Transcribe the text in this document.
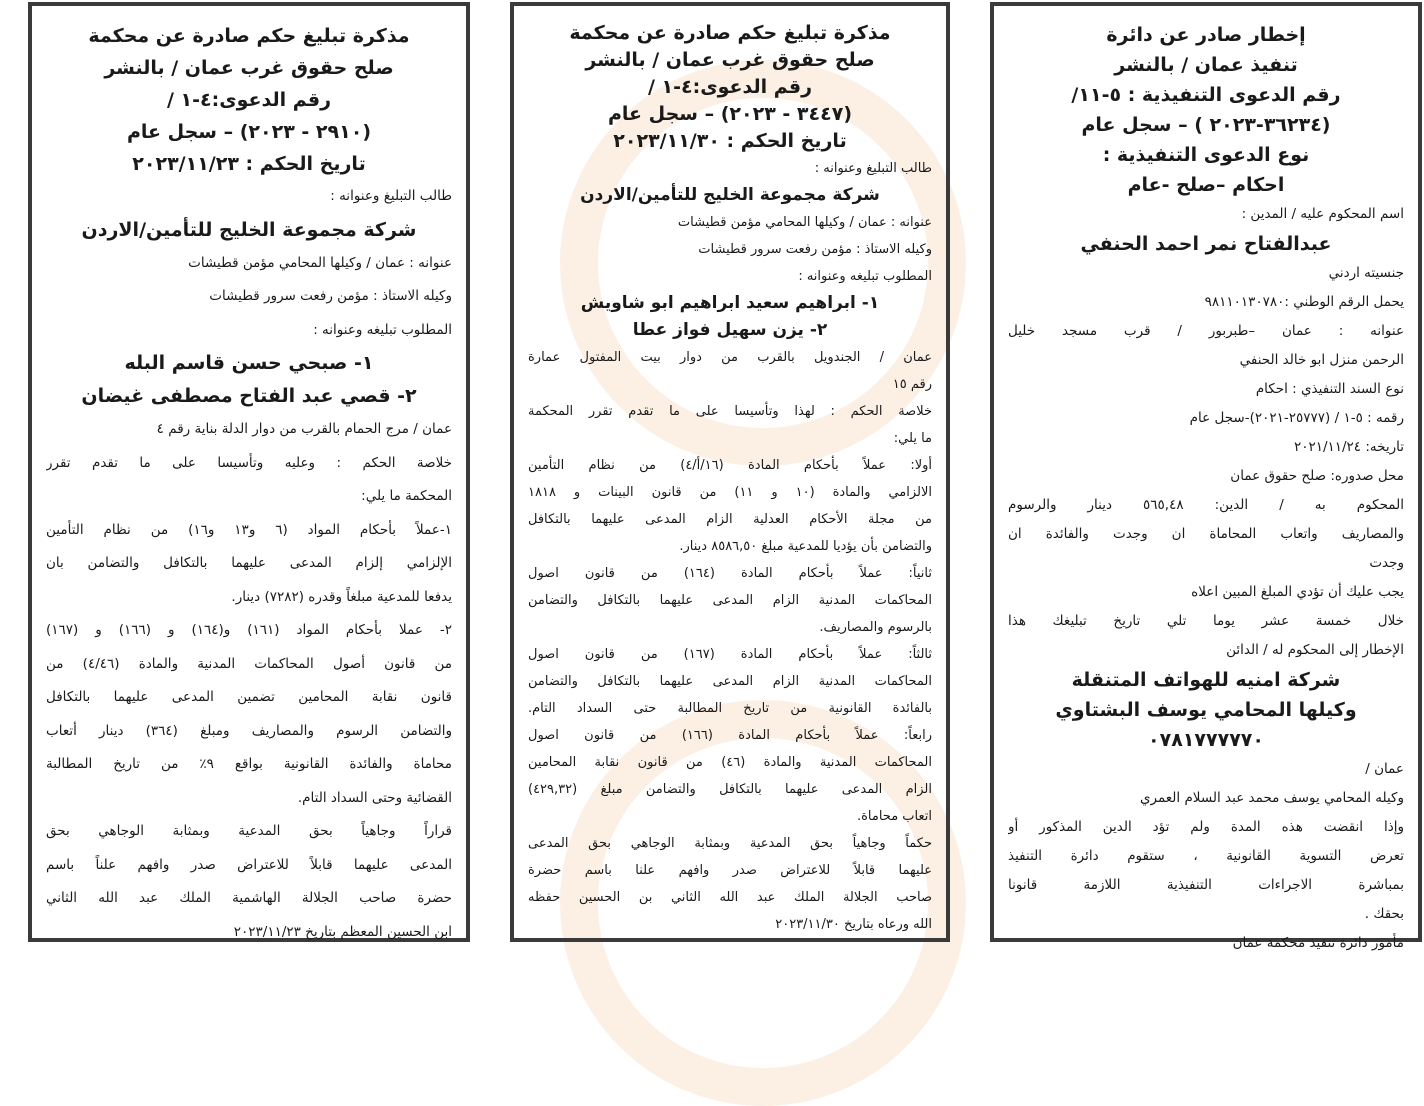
مذكرة تبليغ حكم صادرة عن محكمة
صلح حقوق غرب عمان / بالنشر
رقم الدعوى:٤-١ /
(٢٩١٠ - ٢٠٢٣) – سجل عام
تاريخ الحكم : ٢٠٢٣/١١/٢٣
طالب التبليغ وعنوانه :
شركة مجموعة الخليج للتأمين/الاردن
عنوانه : عمان / وكيلها المحامي مؤمن قطيشات
وكيله الاستاذ : مؤمن رفعت سرور قطيشات
المطلوب تبليغه وعنوانه :
١- صبحي حسن قاسم البله
٢- قصي عبد الفتاح مصطفى غيضان
عمان / مرج الحمام بالقرب من دوار الدلة بناية رقم ٤
خلاصة الحكم : وعليه وتأسيسا على ما تقدم تقرر
المحكمة ما يلي:
١-عملاً بأحكام المواد (٦ و١٣ و١٦) من نظام التأمين
الإلزامي إلزام المدعى عليهما بالتكافل والتضامن بان
يدفعا للمدعية مبلغاً وقدره (٧٢٨٢) دينار.
٢- عملا بأحكام المواد (١٦١) و(١٦٤) و (١٦٦) و (١٦٧)
من قانون أصول المحاكمات المدنية والمادة (٤/٤٦) من
قانون نقابة المحامين تضمين المدعى عليهما بالتكافل
والتضامن الرسوم والمصاريف ومبلغ (٣٦٤) دينار أتعاب
محاماة والفائدة القانونية بواقع ٩٪ من تاريخ المطالبة
القضائية وحتى السداد التام.
قراراً وجاهياً بحق المدعية وبمثابة الوجاهي بحق
المدعى عليهما قابلاً للاعتراض صدر وافهم علناً باسم
حضرة صاحب الجلالة الهاشمية الملك عبد الله الثاني
ابن الحسين المعظم بتاريخ ٢٠٢٣/١١/٢٣
مذكرة تبليغ حكم صادرة عن محكمة
صلح حقوق غرب عمان / بالنشر
رقم الدعوى:٤-١ /
(٣٤٤٧ - ٢٠٢٣) – سجل عام
تاريخ الحكم : ٢٠٢٣/١١/٣٠
طالب التبليغ وعنوانه :
شركة مجموعة الخليج للتأمين/الاردن
عنوانه : عمان / وكيلها المحامي مؤمن قطيشات
وكيله الاستاذ : مؤمن رفعت سرور قطيشات
المطلوب تبليغه وعنوانه :
١- ابراهيم سعيد ابراهيم ابو شاويش
٢- يزن سهيل فواز عطا
عمان / الجندويل بالقرب من دوار بيت المفتول عمارة
رقم ١٥
خلاصة الحكم : لهذا وتأسيسا على ما تقدم تقرر المحكمة
ما يلي:
أولا: عملاً بأحكام المادة (١٦/أ/٤) من نظام التأمين
الالزامي والمادة (١٠ و ١١) من قانون البينات و ١٨١٨
من مجلة الأحكام العدلية الزام المدعى عليهما بالتكافل
والتضامن بأن يؤديا للمدعية مبلغ ٨٥٨٦,٥٠ دينار.
ثانياً: عملاً بأحكام المادة (١٦٤) من قانون اصول
المحاكمات المدنية الزام المدعى عليهما بالتكافل والتضامن
بالرسوم والمصاريف.
ثالثاً: عملاً بأحكام المادة (١٦٧) من قانون اصول
المحاكمات المدنية الزام المدعى عليهما بالتكافل والتضامن
بالفائدة القانونية من تاريخ المطالبة حتى السداد التام.
رابعاً: عملاً بأحكام المادة (١٦٦) من قانون اصول
المحاكمات المدنية والمادة (٤٦) من قانون نقابة المحامين
الزام المدعى عليهما بالتكافل والتضامن مبلغ (٤٢٩,٣٢)
اتعاب محاماة.
حكماً وجاهياً بحق المدعية وبمثابة الوجاهي بحق المدعى
عليهما قابلاً للاعتراض صدر وافهم علنا باسم حضرة
صاحب الجلالة الملك عبد الله الثاني بن الحسين حفظه
الله ورعاه بتاريخ ٢٠٢٣/١١/٣٠
إخطار صادر عن دائرة
تنفيذ عمان / بالنشر
رقم الدعوى التنفيذية : ٥-١١/
(٣٦٢٣٤-٢٠٢٣ ) – سجل عام
نوع الدعوى التنفيذية :
احكام –صلح -عام
اسم المحكوم عليه / المدين :
عبدالفتاح نمر احمد الحنفي
جنسيته اردني
يحمل الرقم الوطني :٩٨١١٠١٣٠٧٨٠
عنوانه : عمان –طبربور / قرب مسجد خليل
الرحمن منزل ابو خالد الحنفي
نوع السند التنفيذي : احكام
رقمه : ٥-١ / (٢٥٧٧٧-٢٠٢١)-سجل عام
تاريخه: ٢٠٢١/١١/٢٤
محل صدوره: صلح حقوق عمان
المحكوم به / الدين: ٥٦٥,٤٨ دينار والرسوم
والمصاريف واتعاب المحاماة ان وجدت والفائدة ان
وجدت
يجب عليك أن تؤدي المبلغ المبين اعلاه
خلال خمسة عشر يوما تلي تاريخ تبليغك هذا
الإخطار إلى المحكوم له / الدائن
شركة امنيه للهواتف المتنقلة
وكيلها المحامي يوسف البشتاوي
٠٧٨١٧٧٧٧٧٠
عمان /
وكيله المحامي يوسف محمد عبد السلام العمري
وإذا انقضت هذه المدة ولم تؤد الدين المذكور أو
تعرض التسوية القانونية ، ستقوم دائرة التنفيذ
بمباشرة الاجراءات التنفيذية اللازمة قانونا
بحقك .
مأمور دائرة تنفيذ محكمة عمان
